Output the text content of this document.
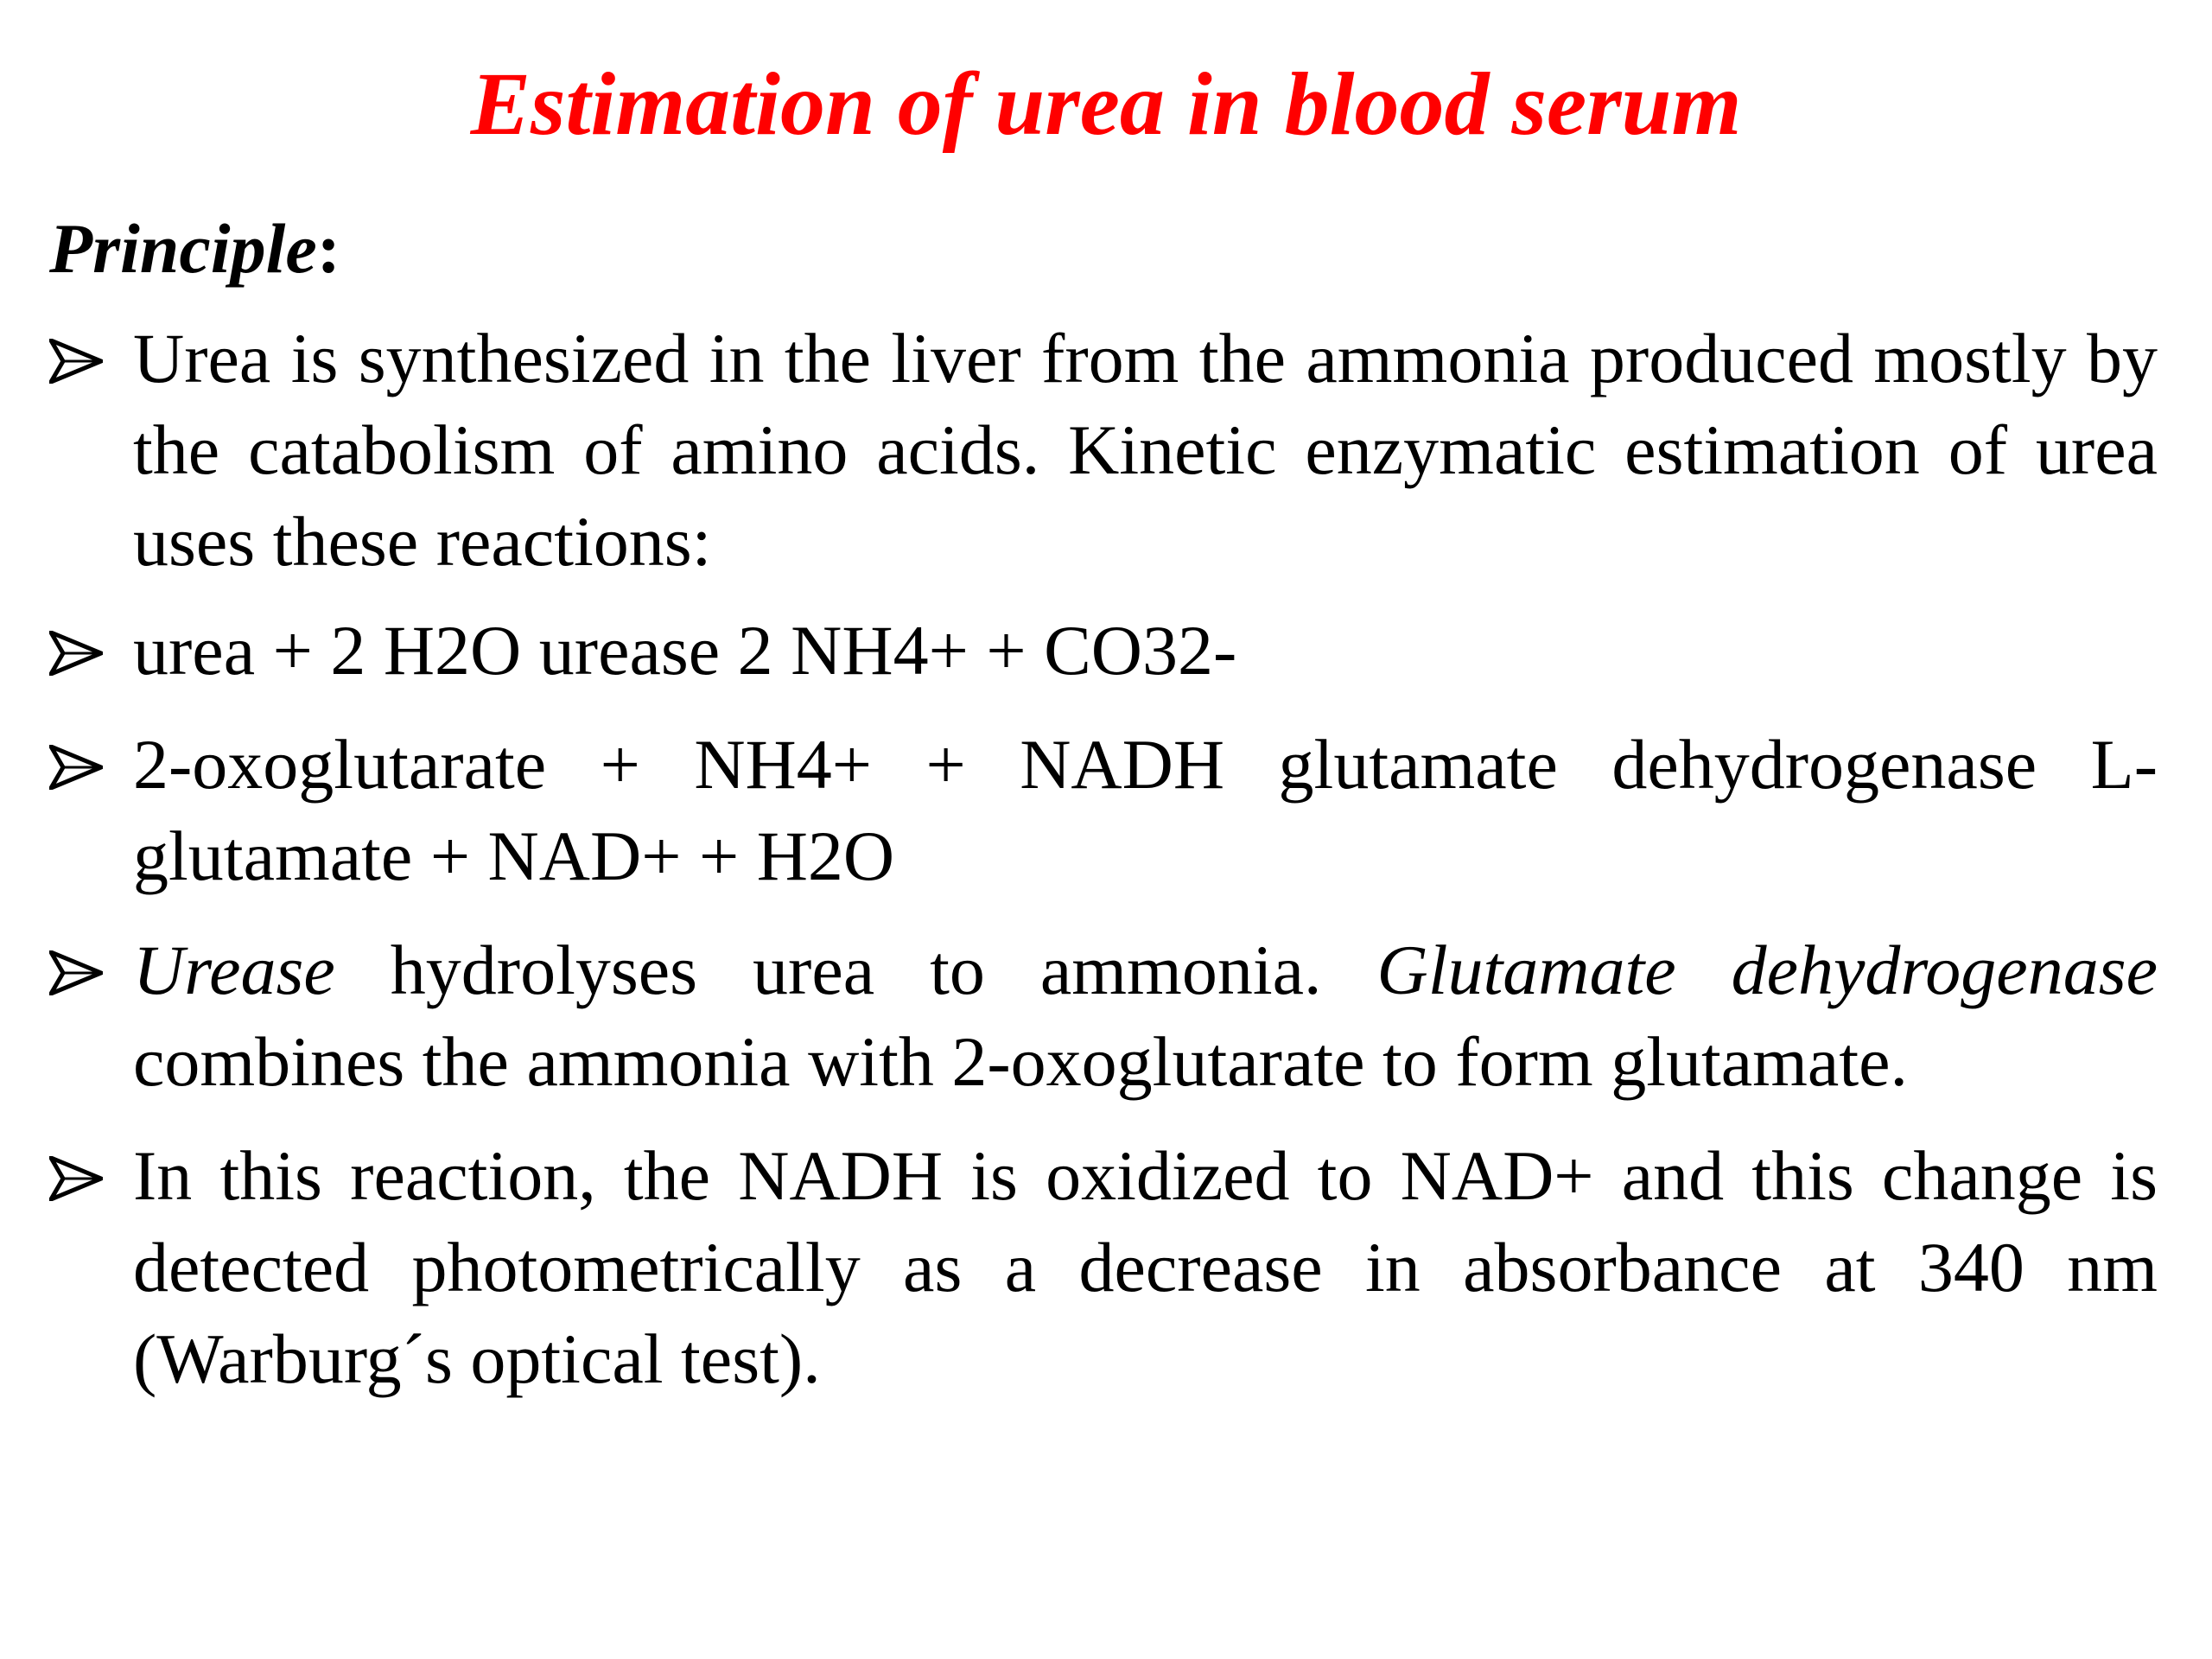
Estimation of urea in blood serum

Principle:

Urea is synthesized in the liver from the ammonia produced mostly by the catabolism of amino acids. Kinetic enzymatic estimation of urea uses these reactions:
urea + 2 H2O urease 2 NH4+ + CO32-
2-oxoglutarate + NH4+ + NADH glutamate dehydrogenase L-glutamate + NAD+ + H2O
Urease hydrolyses urea to ammonia. Glutamate dehydrogenase combines the ammonia with 2-oxoglutarate to form glutamate.
In this reaction, the NADH is oxidized to NAD+ and this change is detected photometrically as a decrease in absorbance at 340 nm (Warburg´s optical test).
